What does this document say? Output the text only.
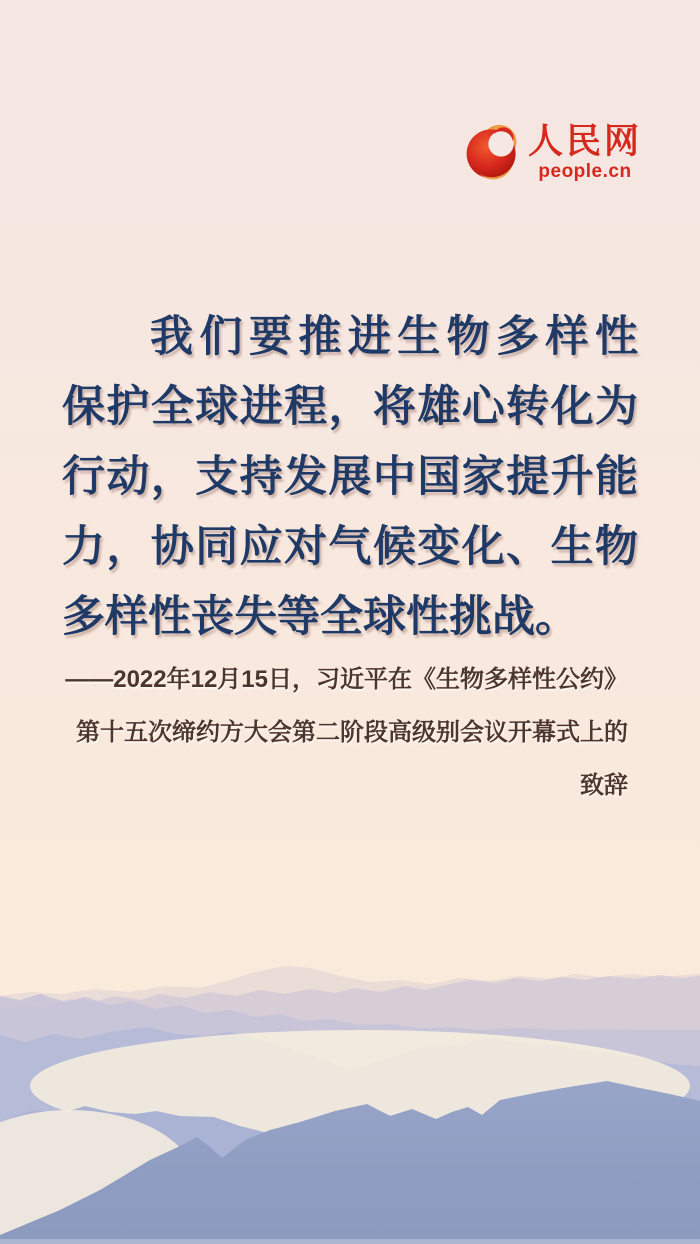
人民网
people.cn
我们要推进生物多样性
保护全球进程，将雄心转化为
行动，支持发展中国家提升能
力，协同应对气候变化、生物
多样性丧失等全球性挑战。
——2022年12月15日，习近平在《生物多样性公约》
第十五次缔约方大会第二阶段高级别会议开幕式上的
致辞
